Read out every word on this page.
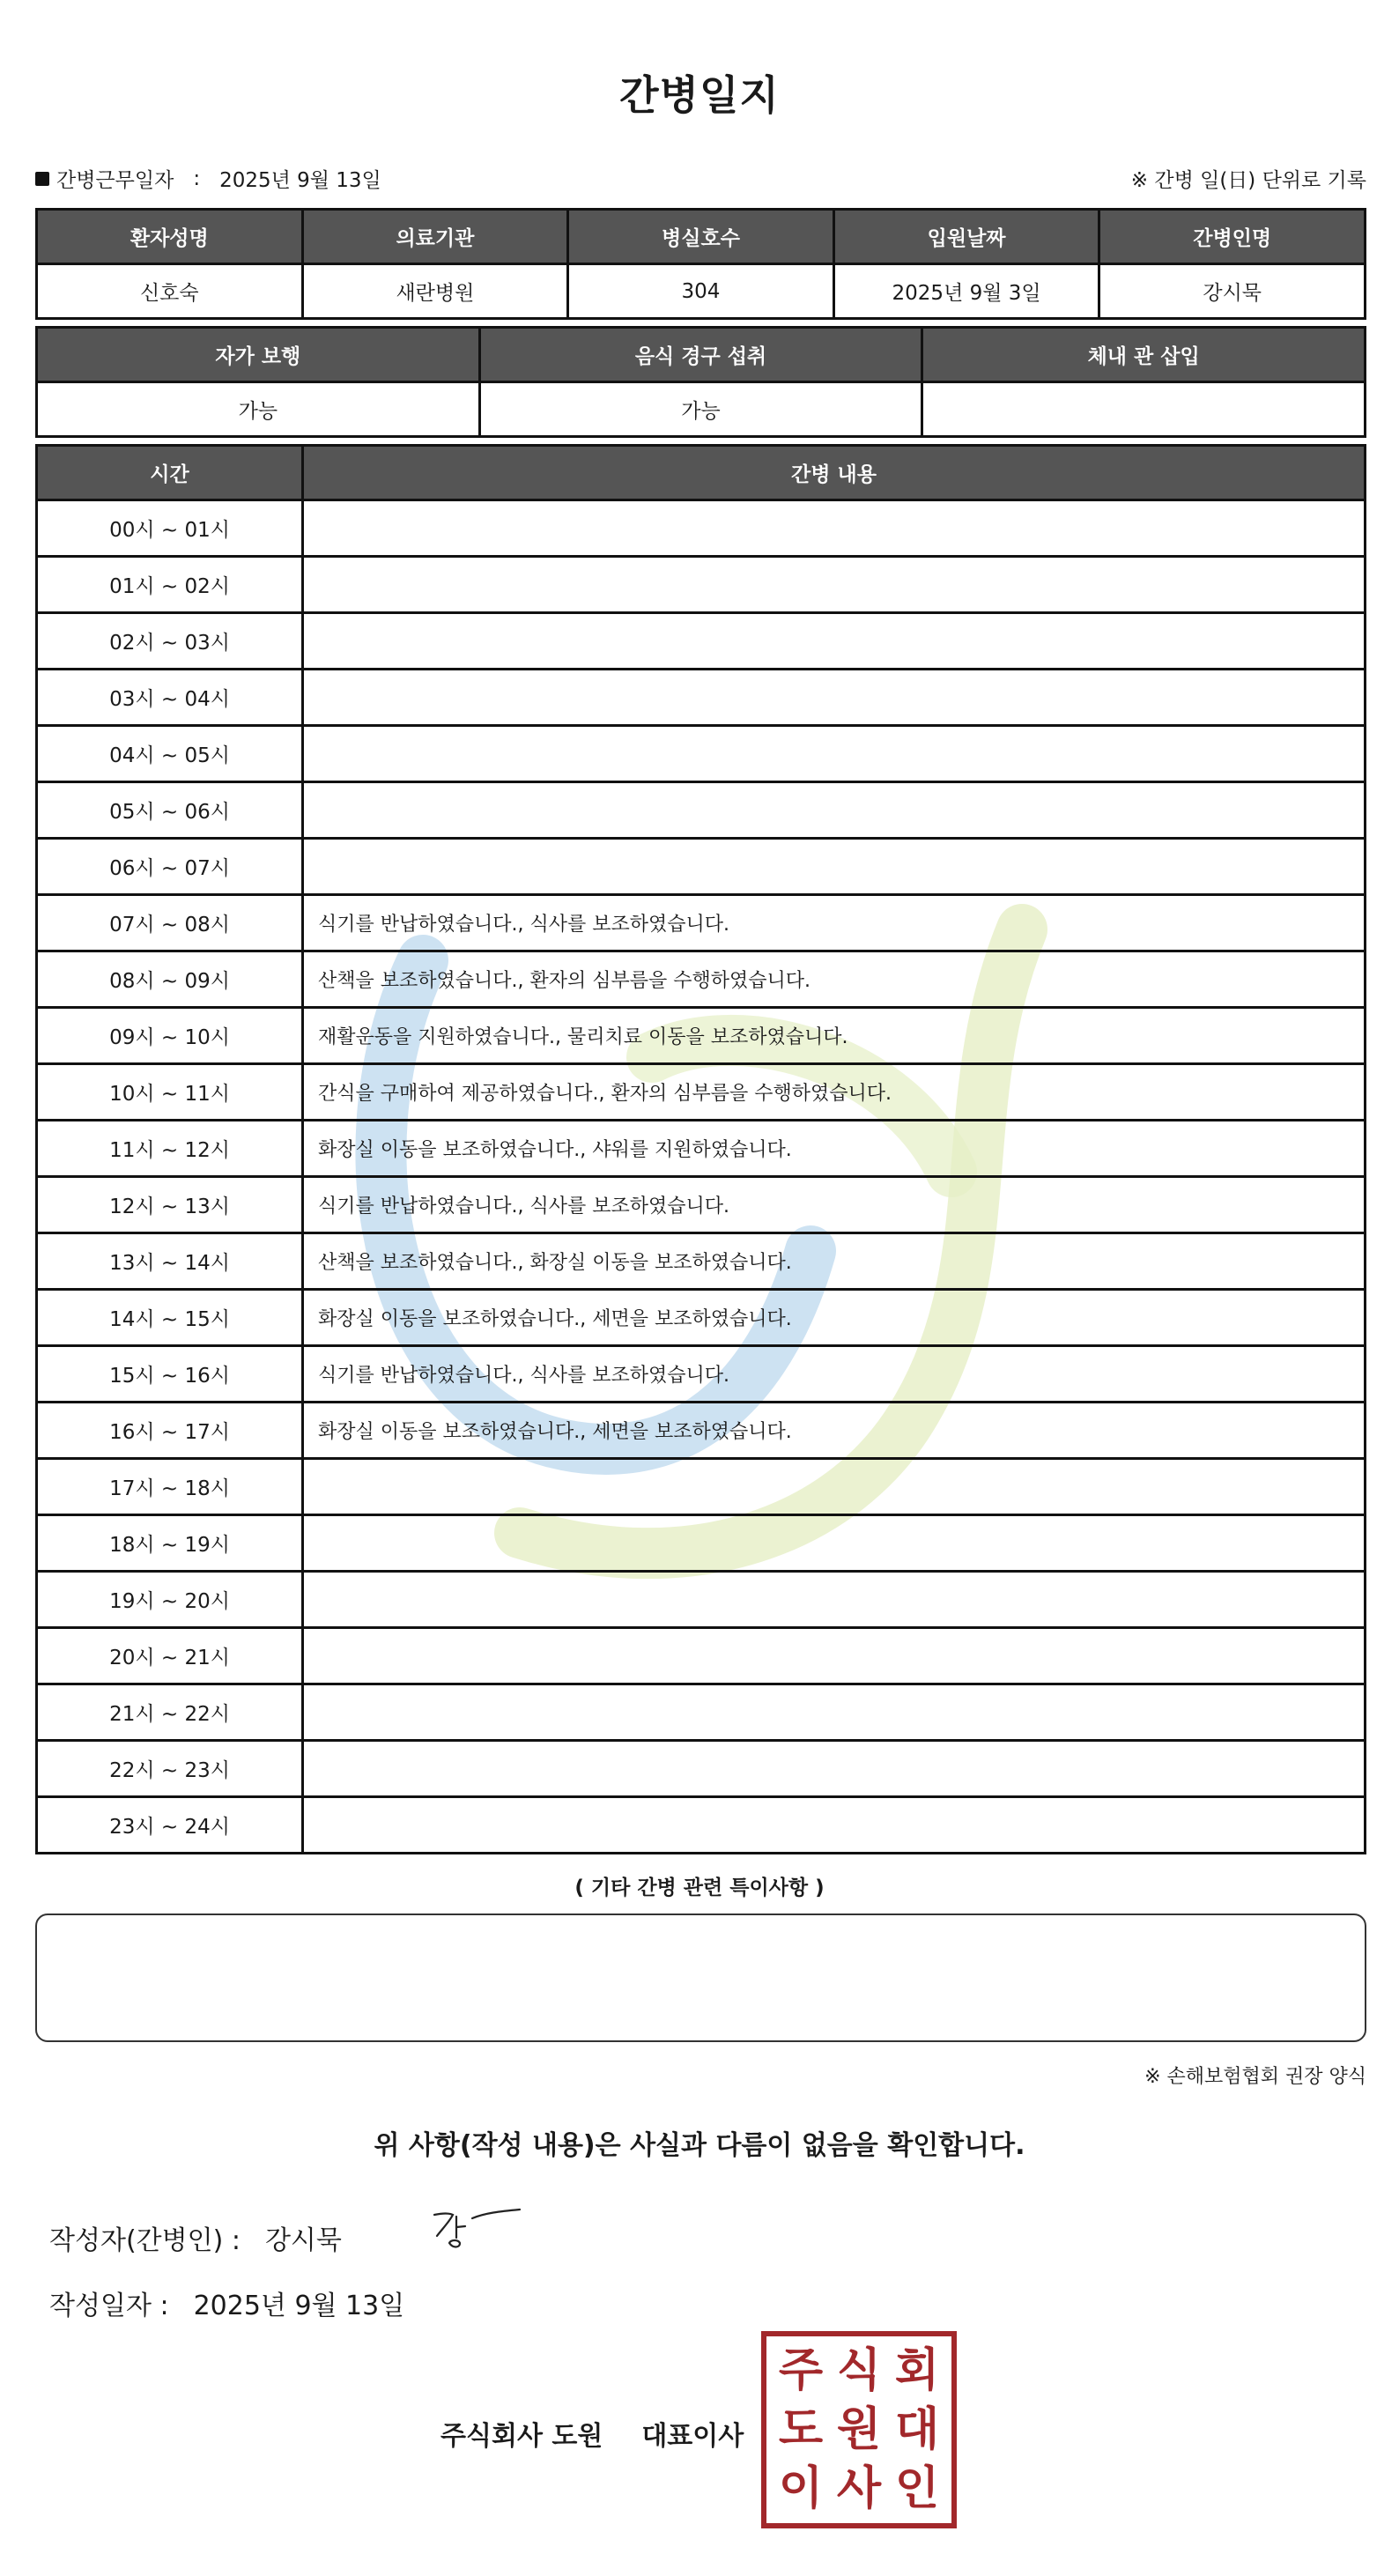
간병일지
간병근무일자 : 2025년 9월 13일	※ 간병 일(日) 단위로 기록
환자성명	의료기관	병실호수	입원날짜	간병인명
신호숙	새란병원	304	2025년 9월 3일	강시묵
자가 보행	음식 경구 섭취	체내 관 삽입
가능	가능	
시간	간병 내용
00시 ~ 01시	
01시 ~ 02시	
02시 ~ 03시	
03시 ~ 04시	
04시 ~ 05시	
05시 ~ 06시	
06시 ~ 07시	
07시 ~ 08시	식기를 반납하였습니다., 식사를 보조하였습니다.
08시 ~ 09시	산책을 보조하였습니다., 환자의 심부름을 수행하였습니다.
09시 ~ 10시	재활운동을 지원하였습니다., 물리치료 이동을 보조하였습니다.
10시 ~ 11시	간식을 구매하여 제공하였습니다., 환자의 심부름을 수행하였습니다.
11시 ~ 12시	화장실 이동을 보조하였습니다., 샤워를 지원하였습니다.
12시 ~ 13시	식기를 반납하였습니다., 식사를 보조하였습니다.
13시 ~ 14시	산책을 보조하였습니다., 화장실 이동을 보조하였습니다.
14시 ~ 15시	화장실 이동을 보조하였습니다., 세면을 보조하였습니다.
15시 ~ 16시	식기를 반납하였습니다., 식사를 보조하였습니다.
16시 ~ 17시	화장실 이동을 보조하였습니다., 세면을 보조하였습니다.
17시 ~ 18시	
18시 ~ 19시	
19시 ~ 20시	
20시 ~ 21시	
21시 ~ 22시	
22시 ~ 23시	
23시 ~ 24시	
( 기타 간병 관련 특이사항 )
※ 손해보험협회 권장 양식
위 사항(작성 내용)은 사실과 다름이 없음을 확인합니다.
작성자(간병인) : 강시묵
작성일자 : 2025년 9월 13일
주식회사 도원 대표이사
주 식 회
도 원 대
이 사 인
